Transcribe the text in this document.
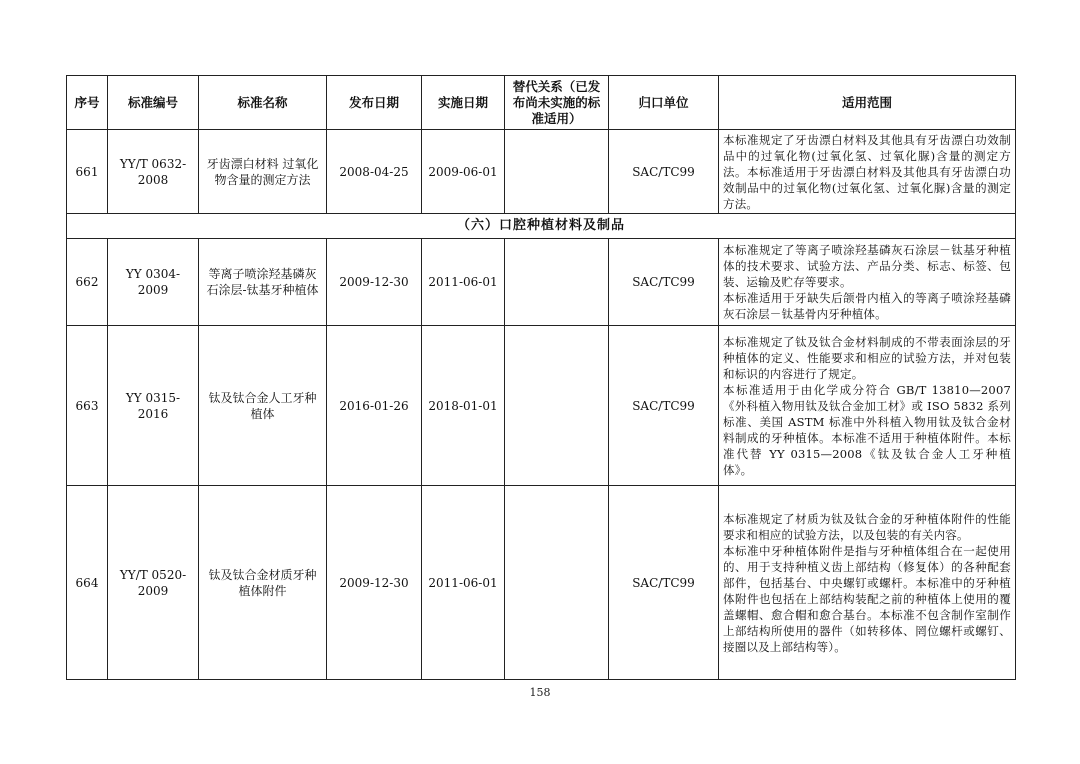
序号	标准编号	标准名称	发布日期	实施日期	替代关系（已发布尚未实施的标准适用）	归口单位	适用范围
661	YY/T 0632-2008	牙齿漂白材料 过氧化物含量的测定方法	2008-04-25	2009-06-01		SAC/TC99	本标准规定了牙齿漂白材料及其他具有牙齿漂白功效制品中的过氧化物(过氧化氢、过氧化脲)含量的测定方法。本标准适用于牙齿漂白材料及其他具有牙齿漂白功效制品中的过氧化物(过氧化氢、过氧化脲)含量的测定方法。

（六）口腔种植材料及制品							
662	YY 0304-2009	等离子喷涂羟基磷灰石涂层-钛基牙种植体	2009-12-30	2011-06-01		SAC/TC99	本标准规定了等离子喷涂羟基磷灰石涂层－钛基牙种植体的技术要求、试验方法、产品分类、标志、标签、包装、运输及贮存等要求。
本标准适用于牙缺失后颌骨内植入的等离子喷涂羟基磷灰石涂层－钛基骨内牙种植体。

663	YY 0315-2016	钛及钛合金人工牙种植体	2016-01-26	2018-01-01		SAC/TC99	本标准规定了钛及钛合金材料制成的不带表面涂层的牙种植体的定义、性能要求和相应的试验方法，并对包装和标识的内容进行了规定。
本标准适用于由化学成分符合 GB/T 13810—2007《外科植入物用钛及钛合金加工材》或 ISO 5832 系列标准、美国 ASTM 标准中外科植入物用钛及钛合金材料制成的牙种植体。本标准不适用于种植体附件。本标准代替 YY 0315—2008《钛及钛合金人工牙种植体》。

664	YY/T 0520-2009	钛及钛合金材质牙种植体附件	2009-12-30	2011-06-01		SAC/TC99	本标准规定了材质为钛及钛合金的牙种植体附件的性能要求和相应的试验方法，以及包装的有关内容。
本标准中牙种植体附件是指与牙种植体组合在一起使用的、用于支持种植义齿上部结构（修复体）的各种配套部件，包括基台、中央螺钉或螺杆。本标准中的牙种植体附件也包括在上部结构装配之前的种植体上使用的覆盖螺帽、愈合帽和愈合基台。本标准不包含制作室制作上部结构所使用的器件（如转移体、罔位螺杆或螺钉、接圈以及上部结构等）。
158
